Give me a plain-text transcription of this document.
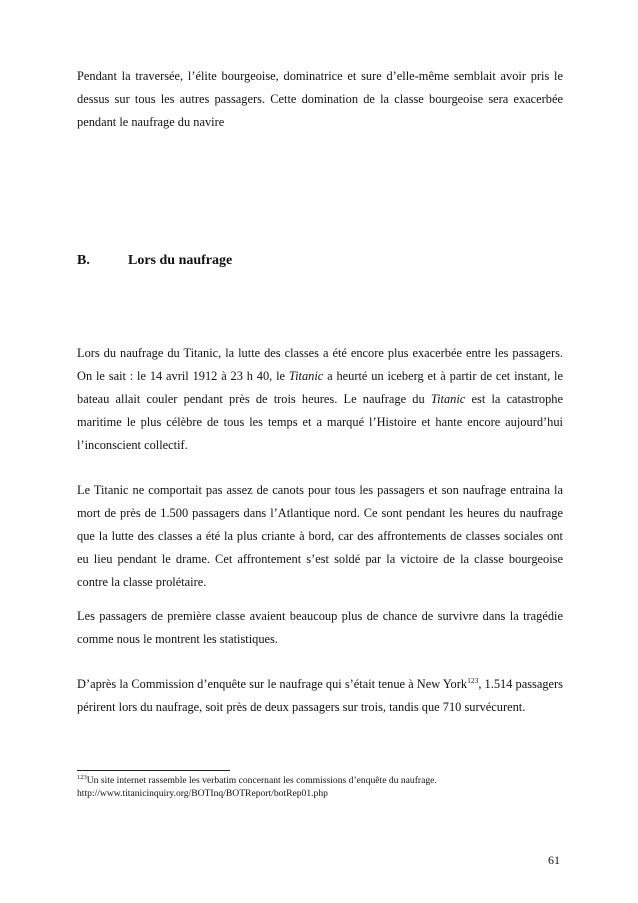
Pendant la traversée, l’élite bourgeoise, dominatrice et sure d’elle-même semblait avoir pris le dessus sur tous les autres passagers. Cette domination de la classe bourgeoise sera exacerbée pendant le naufrage du navire

B.	Lors du naufrage

Lors du naufrage du Titanic, la lutte des classes a été encore plus exacerbée entre les passagers. On le sait : le 14 avril 1912 à 23 h 40, le Titanic a heurté un iceberg et à partir de cet instant, le bateau allait couler pendant près de trois heures. Le naufrage du Titanic est la catastrophe maritime le plus célèbre de tous les temps et a marqué l’Histoire et hante encore aujourd’hui l’inconscient collectif.

Le Titanic ne comportait pas assez de canots pour tous les passagers et son naufrage entraina la mort de près de 1.500 passagers dans l’Atlantique nord. Ce sont pendant les heures du naufrage que la lutte des classes a été la plus criante à bord, car des affrontements de classes sociales ont eu lieu pendant le drame. Cet affrontement s’est soldé par la victoire de la classe bourgeoise contre la classe prolétaire.

Les passagers de première classe avaient beaucoup plus de chance de survivre dans la tragédie comme nous le montrent les statistiques.

D’après la Commission d’enquête sur le naufrage qui s’était tenue à New York$^{123}$, 1.514 passagers périrent lors du naufrage, soit près de deux passagers sur trois, tandis que 710 survécurent.

$^{123}$Un site internet rassemble les verbatim concernant les commissions d’enquête du naufrage.
http://www.titanicinquiry.org/BOTInq/BOTReport/botRep01.php
61
